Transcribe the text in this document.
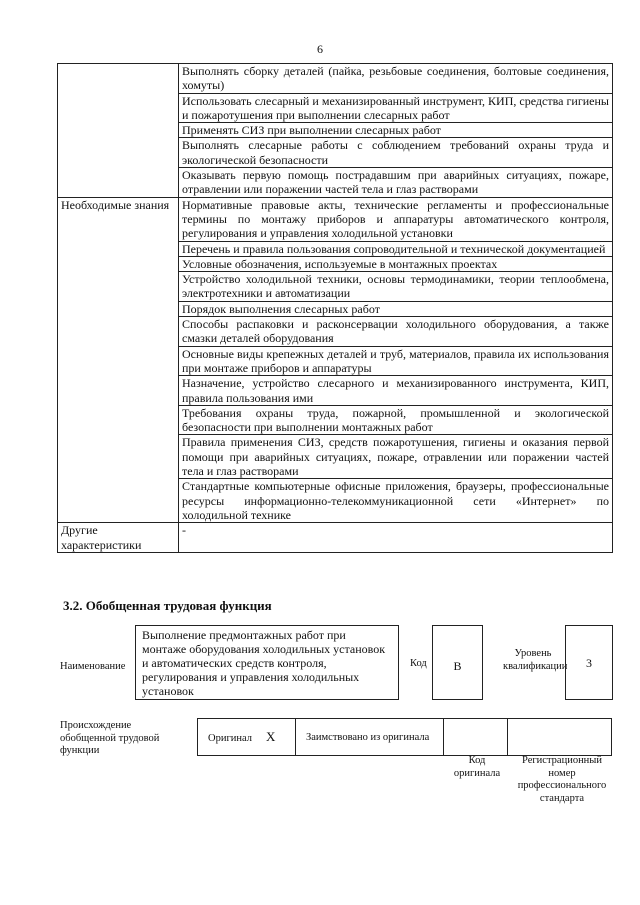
6
	Выполнять сборку деталей (пайка, резьбовые соединения, болтовые соединения, хомуты)
	Использовать слесарный и механизированный инструмент, КИП, средства гигиены и пожаротушения при выполнении слесарных работ
	Применять СИЗ при выполнении слесарных работ
	Выполнять слесарные работы с соблюдением требований охраны труда и экологической безопасности
	Оказывать первую помощь пострадавшим при аварийных ситуациях, пожаре, отравлении или поражении частей тела и глаз растворами
Необходимые знания	Нормативные правовые акты, технические регламенты и профессиональные термины по монтажу приборов и аппаратуры автоматического контроля, регулирования и управления холодильной установки
	Перечень и правила пользования сопроводительной и технической документацией
	Условные обозначения, используемые в монтажных проектах
	Устройство холодильной техники, основы термодинамики, теории теплообмена, электротехники и автоматизации
	Порядок выполнения слесарных работ
	Способы распаковки и расконсервации холодильного оборудования, а также смазки деталей оборудования
	Основные виды крепежных деталей и труб, материалов, правила их использования при монтаже приборов и аппаратуры
	Назначение, устройство слесарного и механизированного инструмента, КИП, правила пользования ими
	Требования охраны труда, пожарной, промышленной и экологической безопасности при выполнении монтажных работ
	Правила применения СИЗ, средств пожаротушения, гигиены и оказания первой помощи при аварийных ситуациях, пожаре, отравлении или поражении частей тела и глаз растворами
	Стандартные компьютерные офисные приложения, браузеры, профессиональные ресурсы информационно-телекоммуникационной сети «Интернет» по холодильной технике
Другие характеристики	-
3.2. Обобщенная трудовая функция
Наименование
Выполнение предмонтажных работ при монтаже оборудования холодильных установок и автоматических средств контроля, регулирования и управления холодильных установок
Код	В
Уровень квалификации	3
Происхождение обобщенной трудовой функции
Оригинал X	Заимствовано из оригинала		
Код оригинала
Регистрационный номер профессионального стандарта
